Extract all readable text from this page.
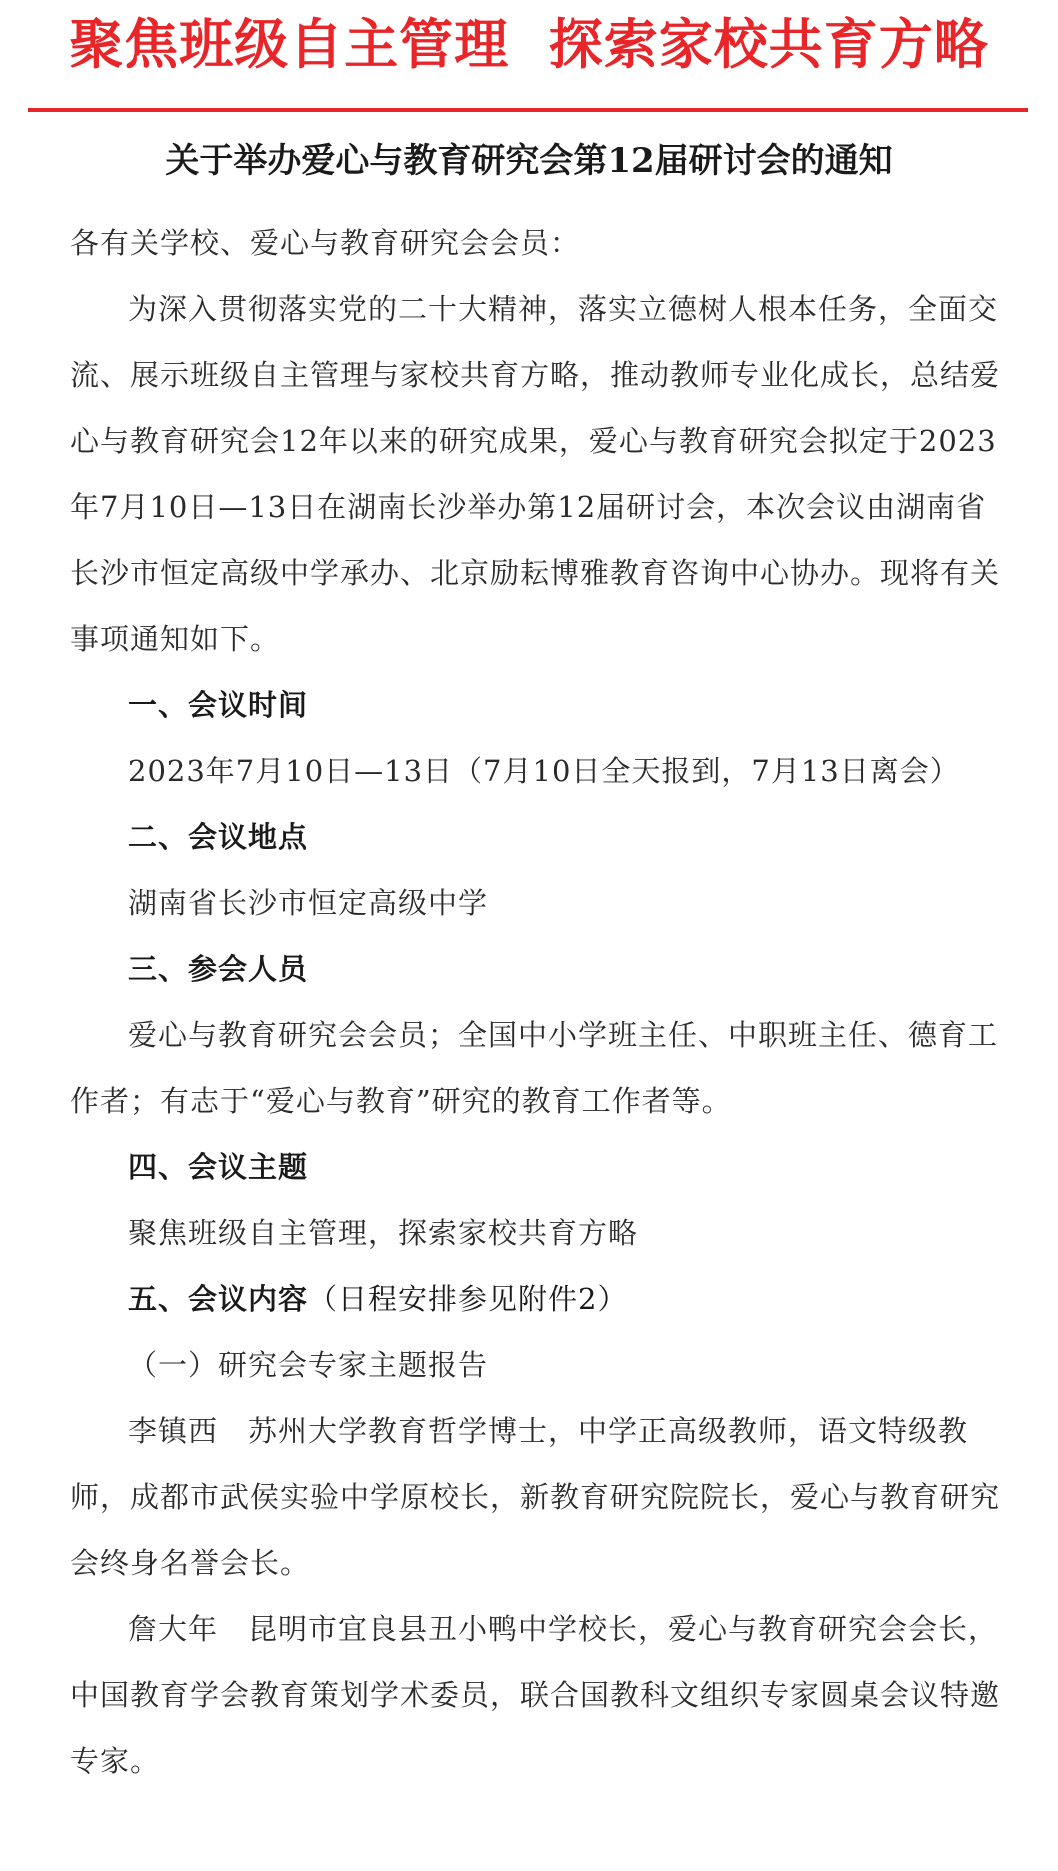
聚焦班级自主管理  探索家校共育方略
关于举办爱心与教育研究会第12届研讨会的通知

各有关学校、爱心与教育研究会会员：

为深入贯彻落实党的二十大精神，落实立德树人根本任务，全面交流、展示班级自主管理与家校共育方略，推动教师专业化成长，总结爱心与教育研究会12年以来的研究成果，爱心与教育研究会拟定于2023年7月10日—13日在湖南长沙举办第12届研讨会，本次会议由湖南省长沙市恒定高级中学承办、北京励耘博雅教育咨询中心协办。现将有关事项通知如下。

一、会议时间

2023年7月10日—13日（7月10日全天报到，7月13日离会）

二、会议地点

湖南省长沙市恒定高级中学

三、参会人员

爱心与教育研究会会员；全国中小学班主任、中职班主任、德育工作者；有志于“爱心与教育”研究的教育工作者等。

四、会议主题

聚焦班级自主管理，探索家校共育方略

五、会议内容（日程安排参见附件2）

（一）研究会专家主题报告

李镇西　苏州大学教育哲学博士，中学正高级教师，语文特级教师，成都市武侯实验中学原校长，新教育研究院院长，爱心与教育研究会终身名誉会长。

詹大年　昆明市宜良县丑小鸭中学校长，爱心与教育研究会会长，中国教育学会教育策划学术委员，联合国教科文组织专家圆桌会议特邀专家。
